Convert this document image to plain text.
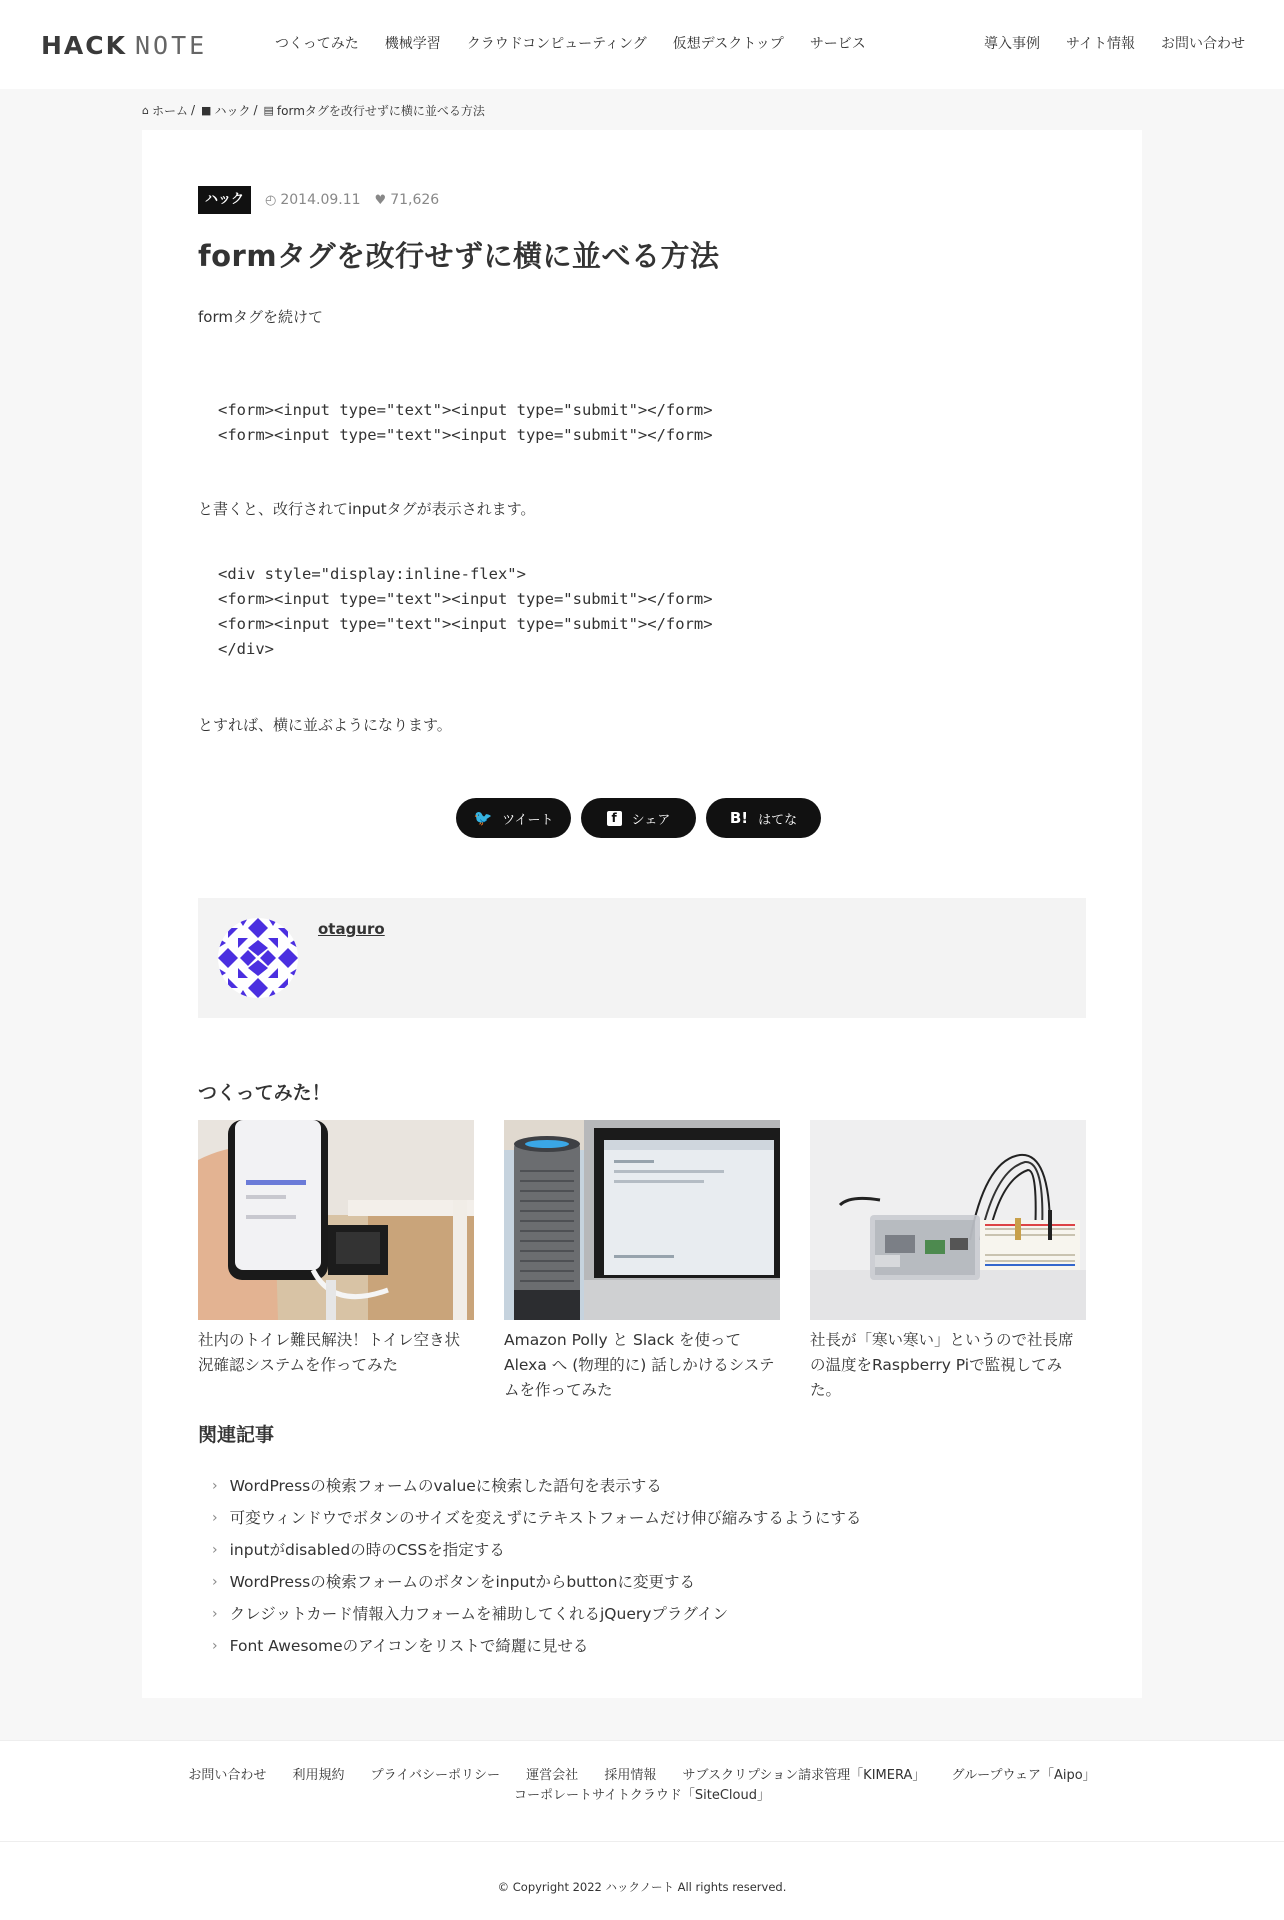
HACK NOTE	つくってみた	機械学習	クラウドコンピューティング	仮想デスクトップ	サービス	導入事例	サイト情報	お問い合わせ
⌂ ホーム / ■ ハック / ▤ formタグを改行せずに横に並べる方法
ハック	◴ 2014.09.11 ♥ 71,626
formタグを改行せずに横に並べる方法

formタグを続けて

<form><input type="text"><input type="submit"></form>
<form><input type="text"><input type="submit"></form>

と書くと、改行されてinputタグが表示されます。

<div style="display:inline-flex">
<form><input type="text"><input type="submit"></form>
<form><input type="text"><input type="submit"></form>
</div>

とすれば、横に並ぶようになります。

🐦 ツイート	f	シェア	B! はてな
otaguro
つくってみた！
社内のトイレ難民解決！トイレ空き状況確認システムを作ってみた
Amazon Polly と Slack を使って Alexa へ (物理的に) 話しかけるシステムを作ってみた
社長が「寒い寒い」というので社長席の温度をRaspberry Piで監視してみた。
関連記事
› WordPressの検索フォームのvalueに検索した語句を表示する
› 可変ウィンドウでボタンのサイズを変えずにテキストフォームだけ伸び縮みするようにする
› inputがdisabledの時のCSSを指定する
› WordPressの検索フォームのボタンをinputからbuttonに変更する
› クレジットカード情報入力フォームを補助してくれるjQueryプラグイン
› Font Awesomeのアイコンをリストで綺麗に見せる
お問い合わせ 利用規約 プライバシーポリシー 運営会社 採用情報 サブスクリプション請求管理「KIMERA」 グループウェア「Aipo」 コーポレートサイトクラウド「SiteCloud」
© Copyright 2022 ハックノート All rights reserved.
